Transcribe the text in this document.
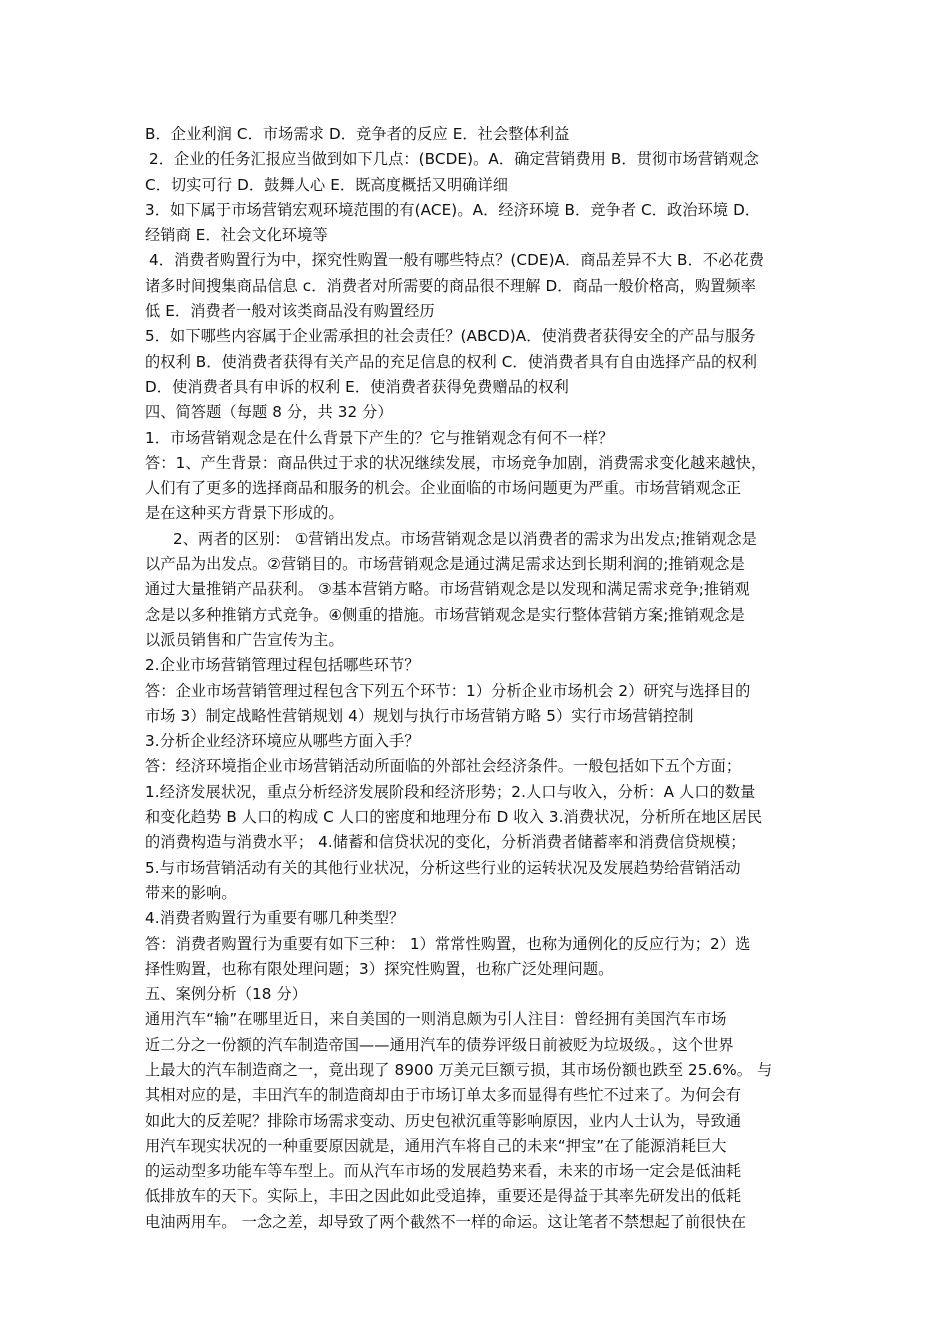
B．企业利润 C．市场需求 D．竞争者的反应 E．社会整体利益
2．企业的任务汇报应当做到如下几点：(BCDE)。A．确定营销费用 B．贯彻市场营销观念
C．切实可行 D．鼓舞人心 E．既高度概括又明确详细
3．如下属于市场营销宏观环境范围的有(ACE)。A．经济环境 B．竞争者 C．政治环境 D．
经销商 E．社会文化环境等
4．消费者购置行为中，探究性购置一般有哪些特点？(CDE)A．商品差异不大 B．不必花费
诸多时间搜集商品信息 c．消费者对所需要的商品很不理解 D．商品一般价格高，购置频率
低 E．消费者一般对该类商品没有购置经历
5．如下哪些内容属于企业需承担的社会责任？(ABCD)A．使消费者获得安全的产品与服务
的权利 B．使消费者获得有关产品的充足信息的权利 C．使消费者具有自由选择产品的权利
D．使消费者具有申诉的权利 E．使消费者获得免费赠品的权利
四、简答题（每题 8 分，共 32 分）
1．市场营销观念是在什么背景下产生的？它与推销观念有何不一样？
答：1、产生背景：商品供过于求的状况继续发展，市场竞争加剧，消费需求变化越来越快，
人们有了更多的选择商品和服务的机会。企业面临的市场问题更为严重。市场营销观念正
是在这种买方背景下形成的。
2、两者的区别： ①营销出发点。市场营销观念是以消费者的需求为出发点;推销观念是
以产品为出发点。②营销目的。市场营销观念是通过满足需求达到长期利润的;推销观念是
通过大量推销产品获利。 ③基本营销方略。市场营销观念是以发现和满足需求竞争;推销观
念是以多种推销方式竞争。④侧重的措施。市场营销观念是实行整体营销方案;推销观念是
以派员销售和广告宣传为主。
2.企业市场营销管理过程包括哪些环节？
答：企业市场营销管理过程包含下列五个环节：1）分析企业市场机会 2）研究与选择目的
市场 3）制定战略性营销规划 4）规划与执行市场营销方略 5）实行市场营销控制
3.分析企业经济环境应从哪些方面入手？
答：经济环境指企业市场营销活动所面临的外部社会经济条件。一般包括如下五个方面；
1.经济发展状况，重点分析经济发展阶段和经济形势；2.人口与收入，分析：A 人口的数量
和变化趋势 B 人口的构成 C 人口的密度和地理分布 D 收入 3.消费状况，分析所在地区居民
的消费构造与消费水平； 4.储蓄和信贷状况的变化，分析消费者储蓄率和消费信贷规模；
5.与市场营销活动有关的其他行业状况，分析这些行业的运转状况及发展趋势给营销活动
带来的影响。
4.消费者购置行为重要有哪几种类型？
答：消费者购置行为重要有如下三种： 1）常常性购置，也称为通例化的反应行为；2）选
择性购置，也称有限处理问题；3）探究性购置，也称广泛处理问题。
五、案例分析（18 分）
通用汽车“输”在哪里近日，来自美国的一则消息颇为引人注目：曾经拥有美国汽车市场
近二分之一份额的汽车制造帝国——通用汽车的债券评级日前被贬为垃圾级。，这个世界
上最大的汽车制造商之一，竟出现了 8900 万美元巨额亏损，其市场份额也跌至 25.6%。 与
其相对应的是，丰田汽车的制造商却由于市场订单太多而显得有些忙不过来了。为何会有
如此大的反差呢？排除市场需求变动、历史包袱沉重等影响原因，业内人士认为，导致通
用汽车现实状况的一种重要原因就是，通用汽车将自己的未来“押宝”在了能源消耗巨大
的运动型多功能车等车型上。而从汽车市场的发展趋势来看，未来的市场一定会是低油耗
低排放车的天下。实际上，丰田之因此如此受追捧，重要还是得益于其率先研发出的低耗
电油两用车。 一念之差，却导致了两个截然不一样的命运。这让笔者不禁想起了前很快在
